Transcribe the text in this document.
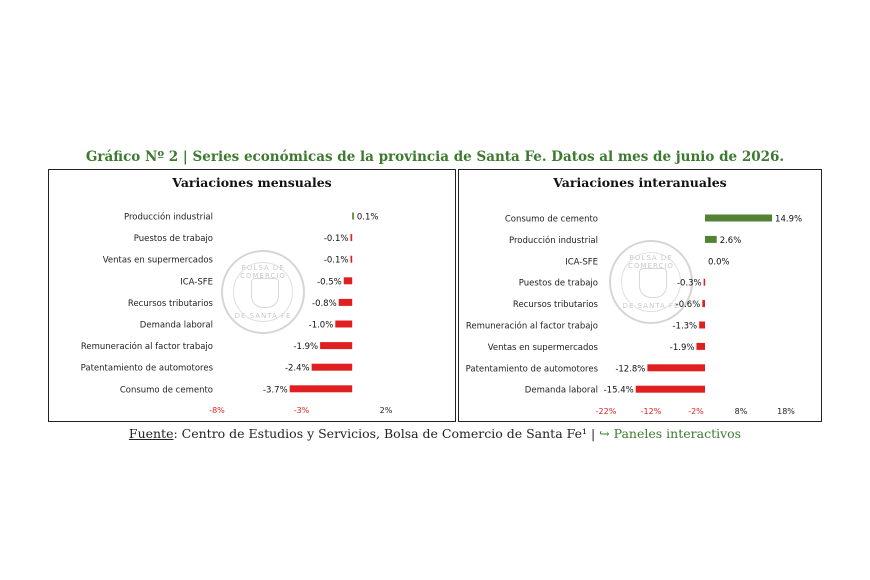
Gráfico Nº 2 | Series económicas de la provincia de Santa Fe. Datos al mes de junio de 2026.
Variaciones mensuales
BOLSA DE COMERCIO
DE SANTA FE
Producción industrial	0.1%
Puestos de trabajo	-0.1%
Ventas en supermercados	-0.1%
ICA-SFE	-0.5%
Recursos tributarios	-0.8%
Demanda laboral	-1.0%
Remuneración al factor trabajo	-1.9%
Patentamiento de automotores	-2.4%
Consumo de cemento	-3.7%
-8%	-3%	2%
Variaciones interanuales
BOLSA DE COMERCIO
DE SANTA FE
Consumo de cemento	14.9%
Producción industrial	2.6%
ICA-SFE	0.0%
Puestos de trabajo	-0.3%
Recursos tributarios	-0.6%
Remuneración al factor trabajo	-1.3%
Ventas en supermercados	-1.9%
Patentamiento de automotores -12.8%
Demanda laboral -15.4%
-22%	-12%	-2%	8%	18%
Fuente: Centro de Estudios y Servicios, Bolsa de Comercio de Santa Fe¹ | ↪ Paneles interactivos
